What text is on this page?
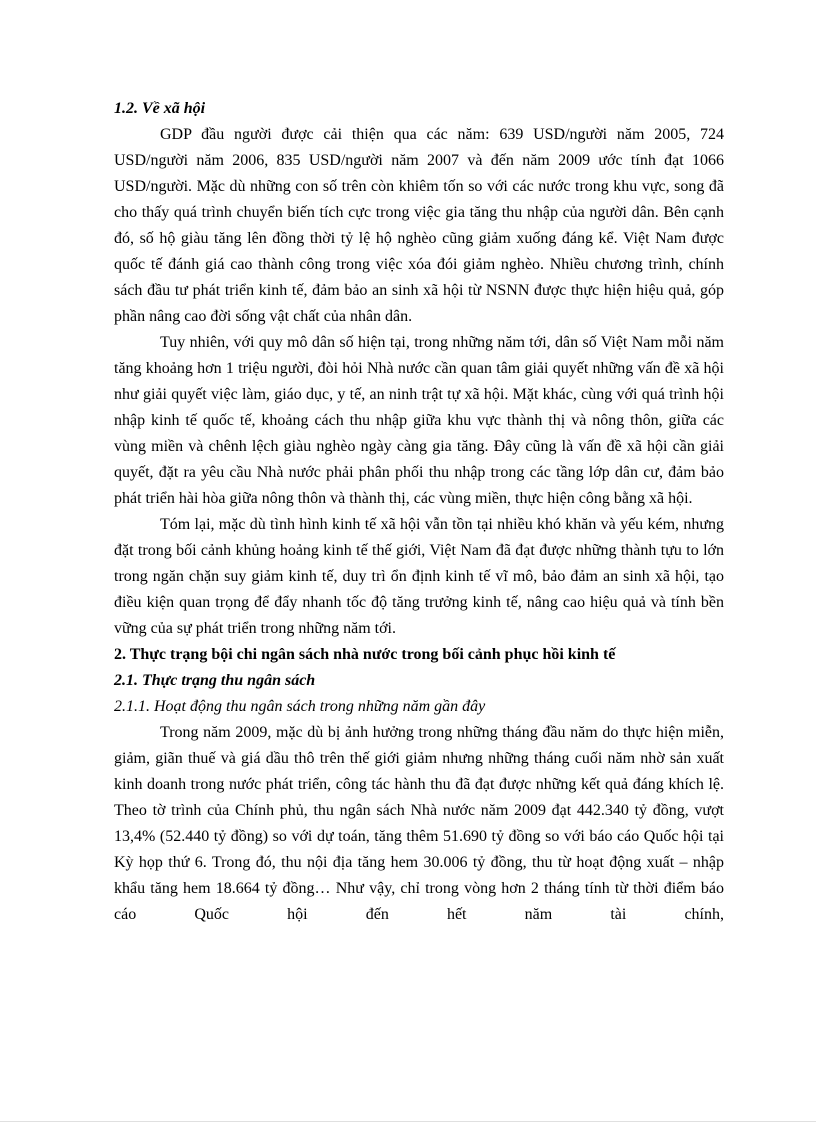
1.2. Về xã hội

GDP đầu người được cải thiện qua các năm: 639 USD/người năm 2005, 724 USD/người năm 2006, 835 USD/người năm 2007 và đến năm 2009 ước tính đạt 1066 USD/người. Mặc dù những con số trên còn khiêm tốn so với các nước trong khu vực, song đã cho thấy quá trình chuyển biến tích cực trong việc gia tăng thu nhập của người dân. Bên cạnh đó, số hộ giàu tăng lên đồng thời tỷ lệ hộ nghèo cũng giảm xuống đáng kể. Việt Nam được quốc tế đánh giá cao thành công trong việc xóa đói giảm nghèo. Nhiều chương trình, chính sách đầu tư phát triển kinh tế, đảm bảo an sinh xã hội từ NSNN được thực hiện hiệu quả, góp phần nâng cao đời sống vật chất của nhân dân.

Tuy nhiên, với quy mô dân số hiện tại, trong những năm tới, dân số Việt Nam mỗi năm tăng khoảng hơn 1 triệu người, đòi hỏi Nhà nước cần quan tâm giải quyết những vấn đề xã hội như giải quyết việc làm, giáo dục, y tế, an ninh trật tự xã hội. Mặt khác, cùng với quá trình hội nhập kinh tế quốc tế, khoảng cách thu nhập giữa khu vực thành thị và nông thôn, giữa các vùng miền và chênh lệch giàu nghèo ngày càng gia tăng. Đây cũng là vấn đề xã hội cần giải quyết, đặt ra yêu cầu Nhà nước phải phân phối thu nhập trong các tầng lớp dân cư, đảm bảo phát triển hài hòa giữa nông thôn và thành thị, các vùng miền, thực hiện công bằng xã hội.

Tóm lại, mặc dù tình hình kinh tế xã hội vẫn tồn tại nhiều khó khăn và yếu kém, nhưng đặt trong bối cảnh khủng hoảng kinh tế thế giới, Việt Nam đã đạt được những thành tựu to lớn trong ngăn chặn suy giảm kinh tế, duy trì ổn định kinh tế vĩ mô, bảo đảm an sinh xã hội, tạo điều kiện quan trọng để đẩy nhanh tốc độ tăng trưởng kinh tế, nâng cao hiệu quả và tính bền vững của sự phát triển trong những năm tới.

2. Thực trạng bội chi ngân sách nhà nước trong bối cảnh phục hồi kinh tế

2.1. Thực trạng thu ngân sách

2.1.1. Hoạt động thu ngân sách trong những năm gần đây

Trong năm 2009, mặc dù bị ảnh hưởng trong những tháng đầu năm do thực hiện miễn, giảm, giãn thuế và giá dầu thô trên thế giới giảm nhưng những tháng cuối năm nhờ sản xuất kinh doanh trong nước phát triển, công tác hành thu đã đạt được những kết quả đáng khích lệ. Theo tờ trình của Chính phủ, thu ngân sách Nhà nước năm 2009 đạt 442.340 tỷ đồng, vượt 13,4% (52.440 tỷ đồng) so với dự toán, tăng thêm 51.690 tỷ đồng so với báo cáo Quốc hội tại Kỳ họp thứ 6. Trong đó, thu nội địa tăng hem 30.006 tỷ đồng, thu từ hoạt động xuất – nhập khẩu tăng hem 18.664 tỷ đồng… Như vậy, chỉ trong vòng hơn 2 tháng tính từ thời điểm báo cáo Quốc hội đến hết năm tài chính,
